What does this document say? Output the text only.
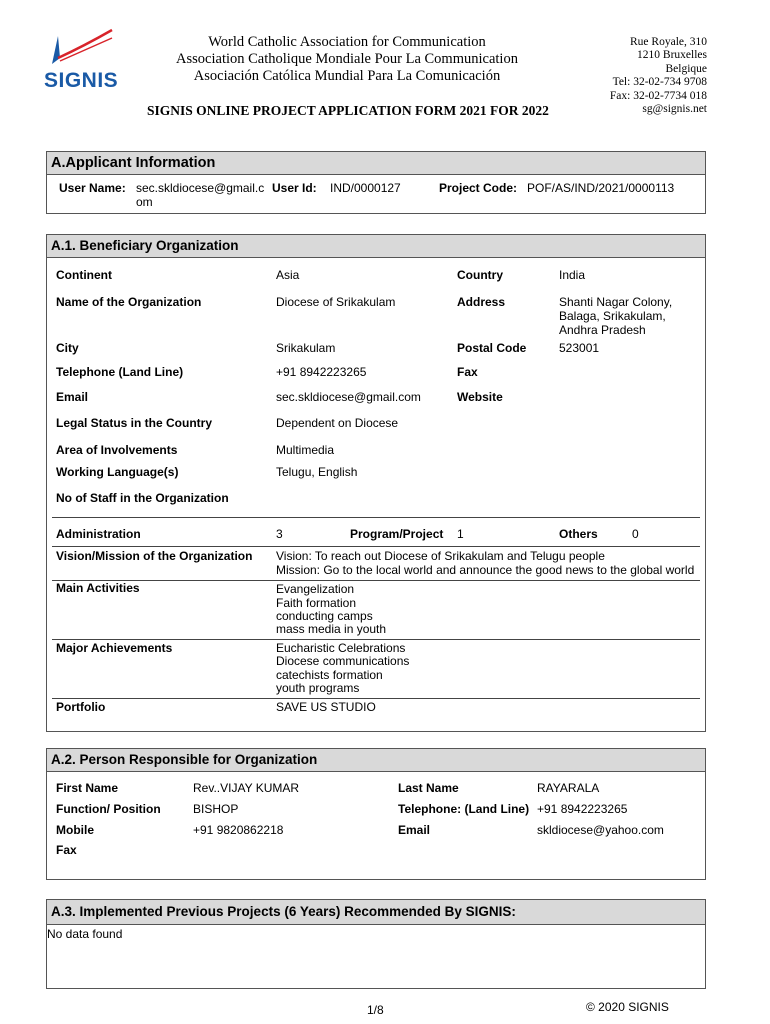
SIGNIS
World Catholic Association for Communication
Association Catholique Mondiale Pour La Communication
Asociación Católica Mundial Para La Comunicación
Rue Royale, 310
1210 Bruxelles
Belgique
Tel: 32-02-734 9708
Fax: 32-02-7734 018
sg@signis.net
SIGNIS ONLINE PROJECT APPLICATION FORM 2021 FOR 2022
A.Applicant Information
User Name: sec.skldiocese@gmail.c
om
User Id: IND/0000127	Project Code: POF/AS/IND/2021/0000113
A.1. Beneficiary Organization
Continent	Asia	Country	India
Name of the Organization	Diocese of Srikakulam	Address	Shanti Nagar Colony,
Balaga, Srikakulam,
Andhra Pradesh
City	Srikakulam	Postal Code	523001
Telephone (Land Line)	+91 8942223265	Fax
Email	sec.skldiocese@gmail.com	Website
Legal Status in the Country	Dependent on Diocese
Area of Involvements	Multimedia
Working Language(s)	Telugu, English
No of Staff in the Organization
Administration	3	Program/Project 1	Others	0
Vision/Mission of the Organization Vision: To reach out Diocese of Srikakulam and Telugu people
Mission: Go to the local world and announce the good news to the global world
Main Activities	Evangelization
Faith formation
conducting camps
mass media in youth
Major Achievements	Eucharistic Celebrations
Diocese communications
catechists formation
youth programs
Portfolio	SAVE US STUDIO
A.2. Person Responsible for Organization
First Name	Rev..VIJAY KUMAR	Last Name	RAYARALA
Function/ Position	BISHOP	Telephone: (Land Line) +91 8942223265
Mobile	+91 9820862218	Email	skldiocese@yahoo.com
Fax
A.3. Implemented Previous Projects (6 Years) Recommended By SIGNIS:
No data found
1/8	© 2020 SIGNIS
